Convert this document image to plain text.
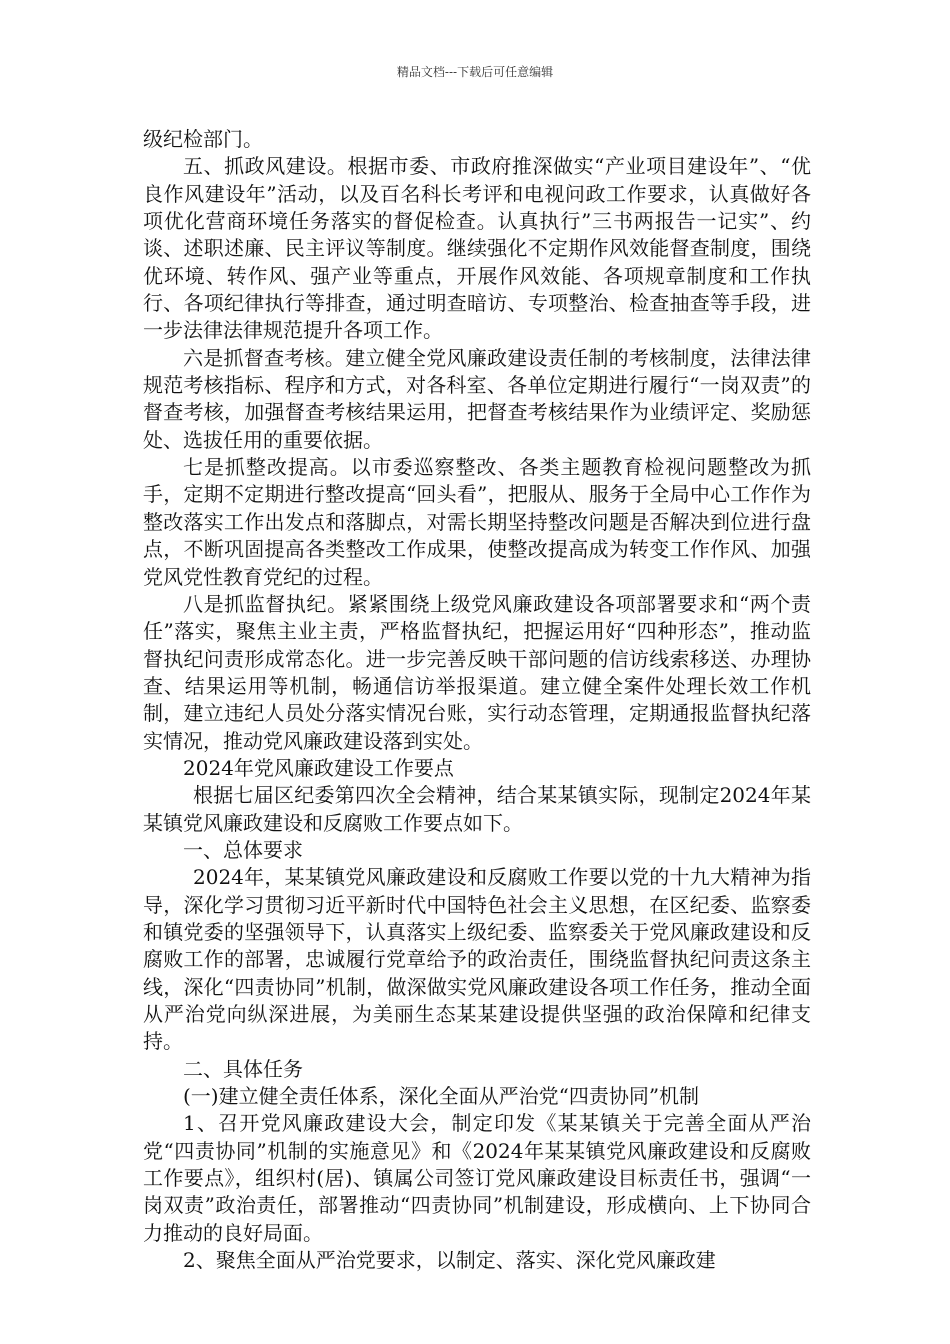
精品文档---下载后可任意编辑

级纪检部门。

五、抓政风建设。根据市委、市政府推深做实“产业项目建设年”、“优良作风建设年”活动，以及百名科长考评和电视问政工作要求，认真做好各项优化营商环境任务落实的督促检查。认真执行”三书两报告一记实”、约谈、述职述廉、民主评议等制度。继续强化不定期作风效能督查制度，围绕优环境、转作风、强产业等重点，开展作风效能、各项规章制度和工作执行、各项纪律执行等排查，通过明查暗访、专项整治、检查抽查等手段，进一步法律法律规范提升各项工作。

六是抓督查考核。建立健全党风廉政建设责任制的考核制度，法律法律规范考核指标、程序和方式，对各科室、各单位定期进行履行“一岗双责”的督查考核，加强督查考核结果运用，把督查考核结果作为业绩评定、奖励惩处、选拔任用的重要依据。

七是抓整改提高。以市委巡察整改、各类主题教育检视问题整改为抓手，定期不定期进行整改提高“回头看”，把服从、服务于全局中心工作作为整改落实工作出发点和落脚点，对需长期坚持整改问题是否解决到位进行盘点，不断巩固提高各类整改工作成果，使整改提高成为转变工作作风、加强党风党性教育党纪的过程。

八是抓监督执纪。紧紧围绕上级党风廉政建设各项部署要求和“两个责任”落实，聚焦主业主责，严格监督执纪，把握运用好“四种形态”，推动监督执纪问责形成常态化。进一步完善反映干部问题的信访线索移送、办理协查、结果运用等机制，畅通信访举报渠道。建立健全案件处理长效工作机制，建立违纪人员处分落实情况台账，实行动态管理，定期通报监督执纪落实情况，推动党风廉政建设落到实处。

2024年党风廉政建设工作要点

根据七届区纪委第四次全会精神，结合某某镇实际，现制定2024年某某镇党风廉政建设和反腐败工作要点如下。

一、总体要求

2024年，某某镇党风廉政建设和反腐败工作要以党的十九大精神为指导，深化学习贯彻习近平新时代中国特色社会主义思想，在区纪委、监察委和镇党委的坚强领导下，认真落实上级纪委、监察委关于党风廉政建设和反腐败工作的部署，忠诚履行党章给予的政治责任，围绕监督执纪问责这条主线，深化“四责协同”机制，做深做实党风廉政建设各项工作任务，推动全面从严治党向纵深进展，为美丽生态某某建设提供坚强的政治保障和纪律支持。

二、具体任务

(一)建立健全责任体系，深化全面从严治党“四责协同”机制

1、召开党风廉政建设大会，制定印发《某某镇关于完善全面从严治党“四责协同”机制的实施意见》和《2024年某某镇党风廉政建设和反腐败工作要点》，组织村(居)、镇属公司签订党风廉政建设目标责任书，强调“一岗双责”政治责任，部署推动“四责协同”机制建设，形成横向、上下协同合力推动的良好局面。

2、聚焦全面从严治党要求，以制定、落实、深化党风廉政建
